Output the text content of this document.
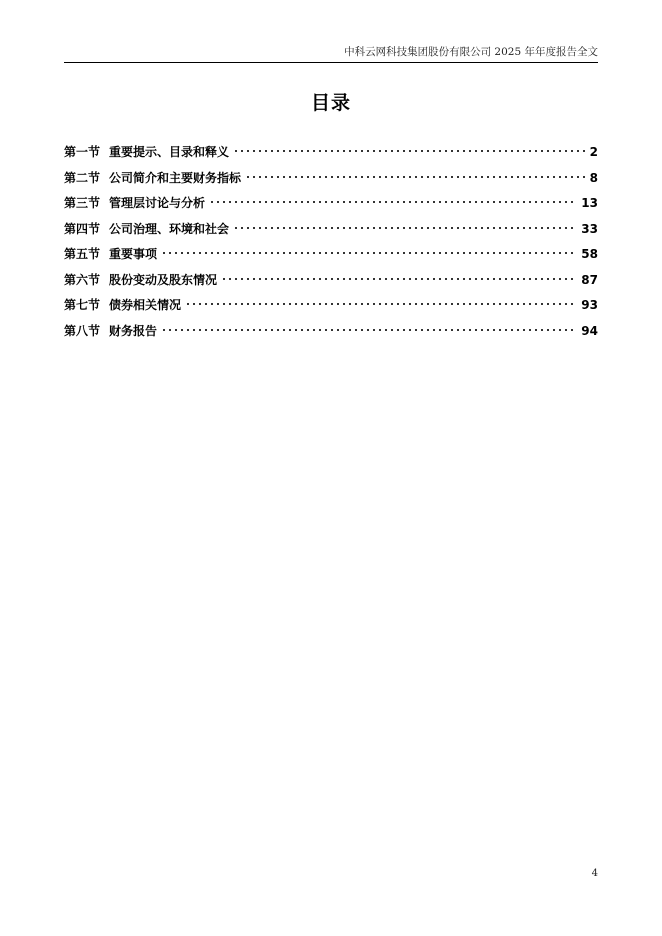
中科云网科技集团股份有限公司 2025 年年度报告全文
目录
第一节 重要提示、目录和释义	2
第二节 公司简介和主要财务指标	8
第三节 管理层讨论与分析	13
第四节 公司治理、环境和社会	33
第五节 重要事项	58
第六节 股份变动及股东情况	87
第七节 债券相关情况	93
第八节 财务报告	94
4
